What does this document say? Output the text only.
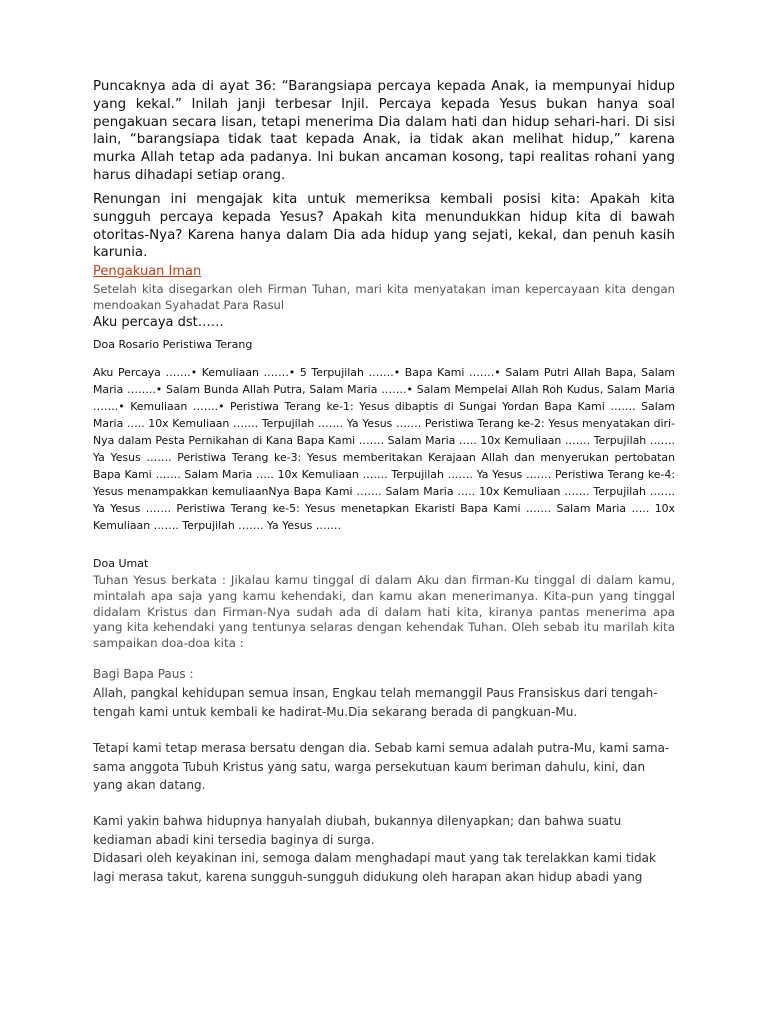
Puncaknya ada di ayat 36: “Barangsiapa percaya kepada Anak, ia mempunyai hidup yang kekal.” Inilah janji terbesar Injil. Percaya kepada Yesus bukan hanya soal pengakuan secara lisan, tetapi menerima Dia dalam hati dan hidup sehari-hari. Di sisi lain, “barangsiapa tidak taat kepada Anak, ia tidak akan melihat hidup,” karena murka Allah tetap ada padanya. Ini bukan ancaman kosong, tapi realitas rohani yang harus dihadapi setiap orang.

Renungan ini mengajak kita untuk memeriksa kembali posisi kita: Apakah kita sungguh percaya kepada Yesus? Apakah kita menundukkan hidup kita di bawah otoritas-Nya? Karena hanya dalam Dia ada hidup yang sejati, kekal, dan penuh kasih karunia.

Pengakuan Iman

Setelah kita disegarkan oleh Firman Tuhan, mari kita menyatakan iman kepercayaan kita dengan mendoakan Syahadat Para Rasul

Aku percaya dst……

Doa Rosario Peristiwa Terang

Aku Percaya …….• Kemuliaan …….• 5 Terpujilah …….• Bapa Kami …….• Salam Putri Allah Bapa, Salam Maria ……..• Salam Bunda Allah Putra, Salam Maria …….• Salam Mempelai Allah Roh Kudus, Salam Maria …….• Kemuliaan …….• Peristiwa Terang ke-1: Yesus dibaptis di Sungai Yordan Bapa Kami ……. Salam Maria ….. 10x Kemuliaan ……. Terpujilah ……. Ya Yesus ……. Peristiwa Terang ke-2: Yesus menyatakan diri-Nya dalam Pesta Pernikahan di Kana Bapa Kami ……. Salam Maria ….. 10x Kemuliaan ……. Terpujilah ……. Ya Yesus ……. Peristiwa Terang ke-3: Yesus memberitakan Kerajaan Allah dan menyerukan pertobatan Bapa Kami ……. Salam Maria ….. 10x Kemuliaan ……. Terpujilah ……. Ya Yesus ……. Peristiwa Terang ke-4: Yesus menampakkan kemuliaanNya Bapa Kami ……. Salam Maria ….. 10x Kemuliaan ……. Terpujilah ……. Ya Yesus ……. Peristiwa Terang ke-5: Yesus menetapkan Ekaristi Bapa Kami ……. Salam Maria ….. 10x Kemuliaan ……. Terpujilah ……. Ya Yesus …….

Doa Umat

Tuhan Yesus berkata : Jikalau kamu tinggal di dalam Aku dan firman-Ku tinggal di dalam kamu, mintalah apa saja yang kamu kehendaki, dan kamu akan menerimanya. Kita-pun yang tinggal didalam Kristus dan Firman-Nya sudah ada di dalam hati kita, kiranya pantas menerima apa yang kita kehendaki yang tentunya selaras dengan kehendak Tuhan. Oleh sebab itu marilah kita sampaikan doa-doa kita :

Bagi Bapa Paus :

Allah, pangkal kehidupan semua insan, Engkau telah memanggil Paus Fransiskus dari tengah-tengah kami untuk kembali ke hadirat-Mu.Dia sekarang berada di pangkuan-Mu.

Tetapi kami tetap merasa bersatu dengan dia. Sebab kami semua adalah putra-Mu, kami sama-sama anggota Tubuh Kristus yang satu, warga persekutuan kaum beriman dahulu, kini, dan yang akan datang.

Kami yakin bahwa hidupnya hanyalah diubah, bukannya dilenyapkan; dan bahwa suatu kediaman abadi kini tersedia baginya di surga.

Didasari oleh keyakinan ini, semoga dalam menghadapi maut yang tak terelakkan kami tidak lagi merasa takut, karena sungguh-sungguh didukung oleh harapan akan hidup abadi yang
